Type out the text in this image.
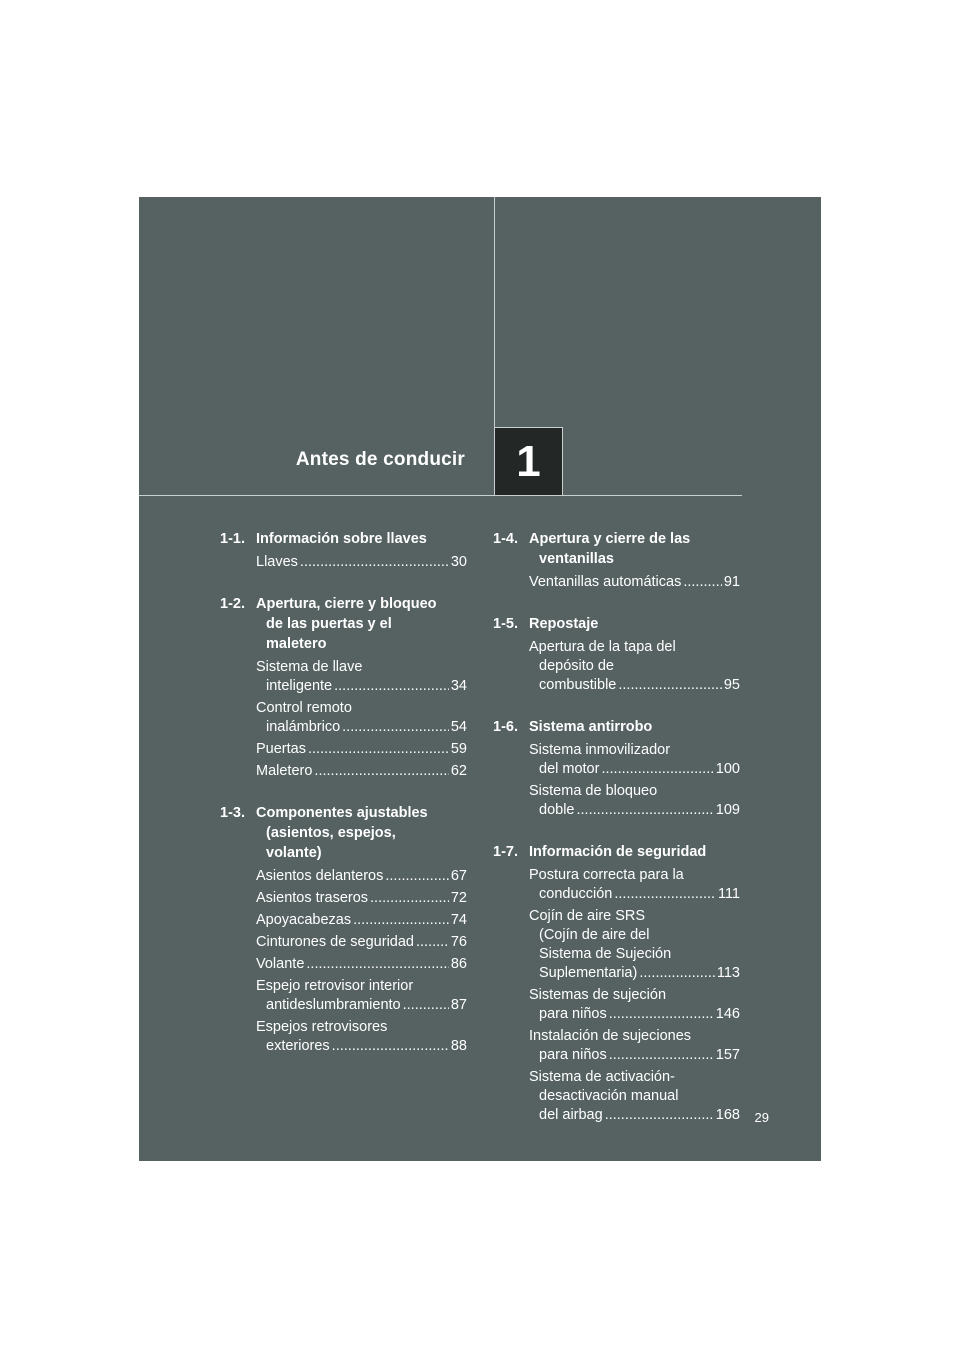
Antes de conducir 1
1-1. Información sobre llaves
Llaves .....	30
1-2. Apertura, cierre y bloqueo
de las puertas y el
maletero
Sistema de llave
inteligente .....	34
Control remoto
inalámbrico .....	54
Puertas .....	59
Maletero .....	62
1-3. Componentes ajustables
(asientos, espejos,
volante)
Asientos delanteros .....	67
Asientos traseros .....	72
Apoyacabezas .....	74
Cinturones de seguridad .....	76
Volante .....	86
Espejo retrovisor interior
antideslumbramiento .....	87
Espejos retrovisores
exteriores .....	88
1-4. Apertura y cierre de las
ventanillas
Ventanillas automáticas .....	91
1-5. Repostaje
Apertura de la tapa del
depósito de
combustible .....	95
1-6. Sistema antirrobo
Sistema inmovilizador
del motor .....	100
Sistema de bloqueo
doble .....	109
1-7. Información de seguridad
Postura correcta para la
conducción .....	111
Cojín de aire SRS
(Cojín de aire del
Sistema de Sujeción
Suplementaria) .....	113
Sistemas de sujeción
para niños .....	146
Instalación de sujeciones
para niños .....	157
Sistema de activación-
desactivación manual
del airbag .....	168	29
